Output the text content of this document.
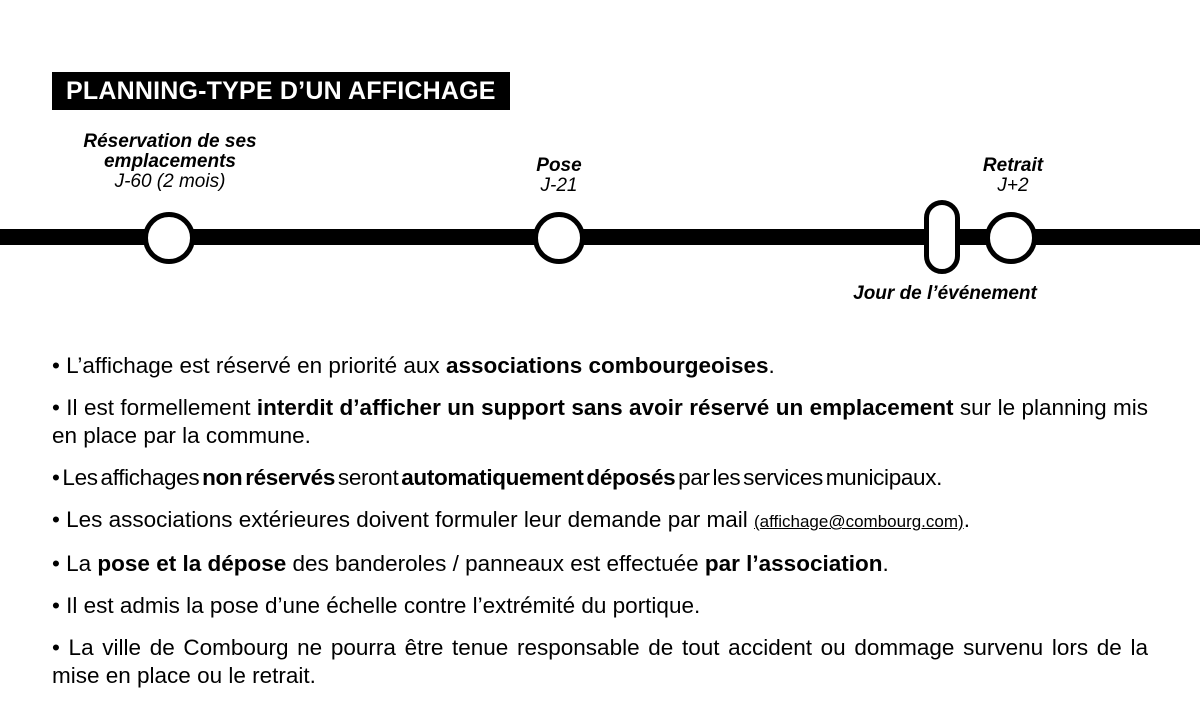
PLANNING-TYPE D’UN AFFICHAGE
Réservation de ses
emplacements
J-60 (2 mois)
Pose
J-21
Retrait
J+2
Jour de l’événement
• L’affichage est réservé en priorité aux associations combourgeoises.
• Il est formellement interdit d’afficher un support sans avoir réservé un emplacement sur le planning mis en place par la commune.
• Les affichages non réservés seront automatiquement déposés par les services municipaux.
• Les associations extérieures doivent formuler leur demande par mail (affichage@combourg.com).
• La pose et la dépose des banderoles / panneaux est effectuée par l’association.
• Il est admis la pose d’une échelle contre l’extrémité du portique.
• La ville de Combourg ne pourra être tenue responsable de tout accident ou dommage survenu lors de la mise en place ou le retrait.
